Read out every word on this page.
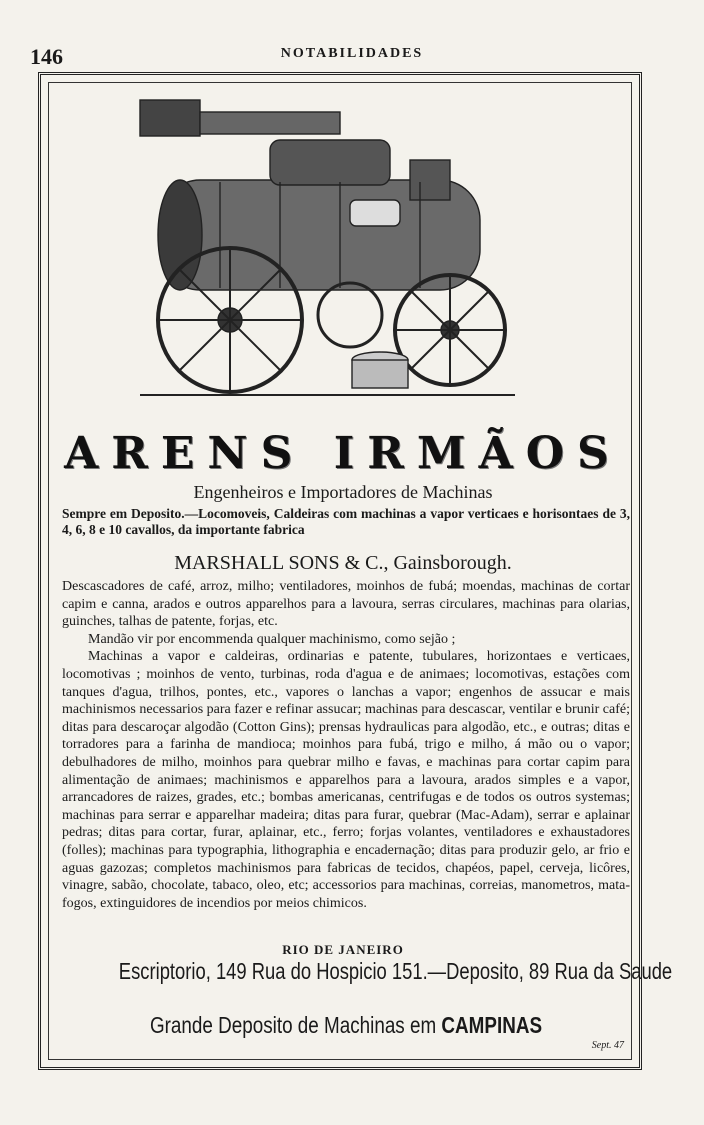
146	NOTABILIDADES
ARENS IRMÃOS
Engenheiros e Importadores de Machinas
Sempre em Deposito.—Locomoveis, Caldeiras com machinas a vapor verticaes e horisontaes de 3, 4, 6, 8 e 10 cavallos, da importante fabrica
MARSHALL SONS & C., Gainsborough.

Descascadores de café, arroz, milho; ventiladores, moinhos de fubá; moendas, machinas de cortar capim e canna, arados e outros apparelhos para a lavoura, serras circulares, machinas para olarias, guinches, talhas de patente, forjas, etc.

Mandão vir por encommenda qualquer machinismo, como sejão ;

Machinas a vapor e caldeiras, ordinarias e patente, tubulares, horizontaes e verticaes, locomotivas ; moinhos de vento, turbinas, roda d'agua e de animaes; locomotivas, estações com tanques d'agua, trilhos, pontes, etc., vapores o lanchas a vapor; engenhos de assucar e mais machinismos necessarios para fazer e refinar assucar; machinas para descascar, ventilar e brunir café; ditas para descaroçar algodão (Cotton Gins); prensas hydraulicas para algodão, etc., e outras; ditas e torradores para a farinha de mandioca; moinhos para fubá, trigo e milho, á mão ou o vapor; debulhadores de milho, moinhos para quebrar milho e favas, e machinas para cortar capim para alimentação de animaes; machinismos e apparelhos para a lavoura, arados simples e a vapor, arrancadores de raizes, grades, etc.; bombas americanas, centrifugas e de todos os outros systemas; machinas para serrar e apparelhar madeira; ditas para furar, quebrar (Mac-Adam), serrar e aplainar pedras; ditas para cortar, furar, aplainar, etc., ferro; forjas volantes, ventiladores e exhaustadores (folles); machinas para typographia, lithographia e encadernação; ditas para produzir gelo, ar frio e aguas gazozas; completos machinismos para fabricas de tecidos, chapéos, papel, cerveja, licôres, vinagre, sabão, chocolate, tabaco, oleo, etc; accessorios para machinas, correias, manometros, mata-fogos, extinguidores de incendios por meios chimicos.

RIO DE JANEIRO
Escriptorio, 149 Rua do Hospicio 151.—Deposito, 89 Rua da Saude
Grande Deposito de Machinas em CAMPINAS
Sept. 47
